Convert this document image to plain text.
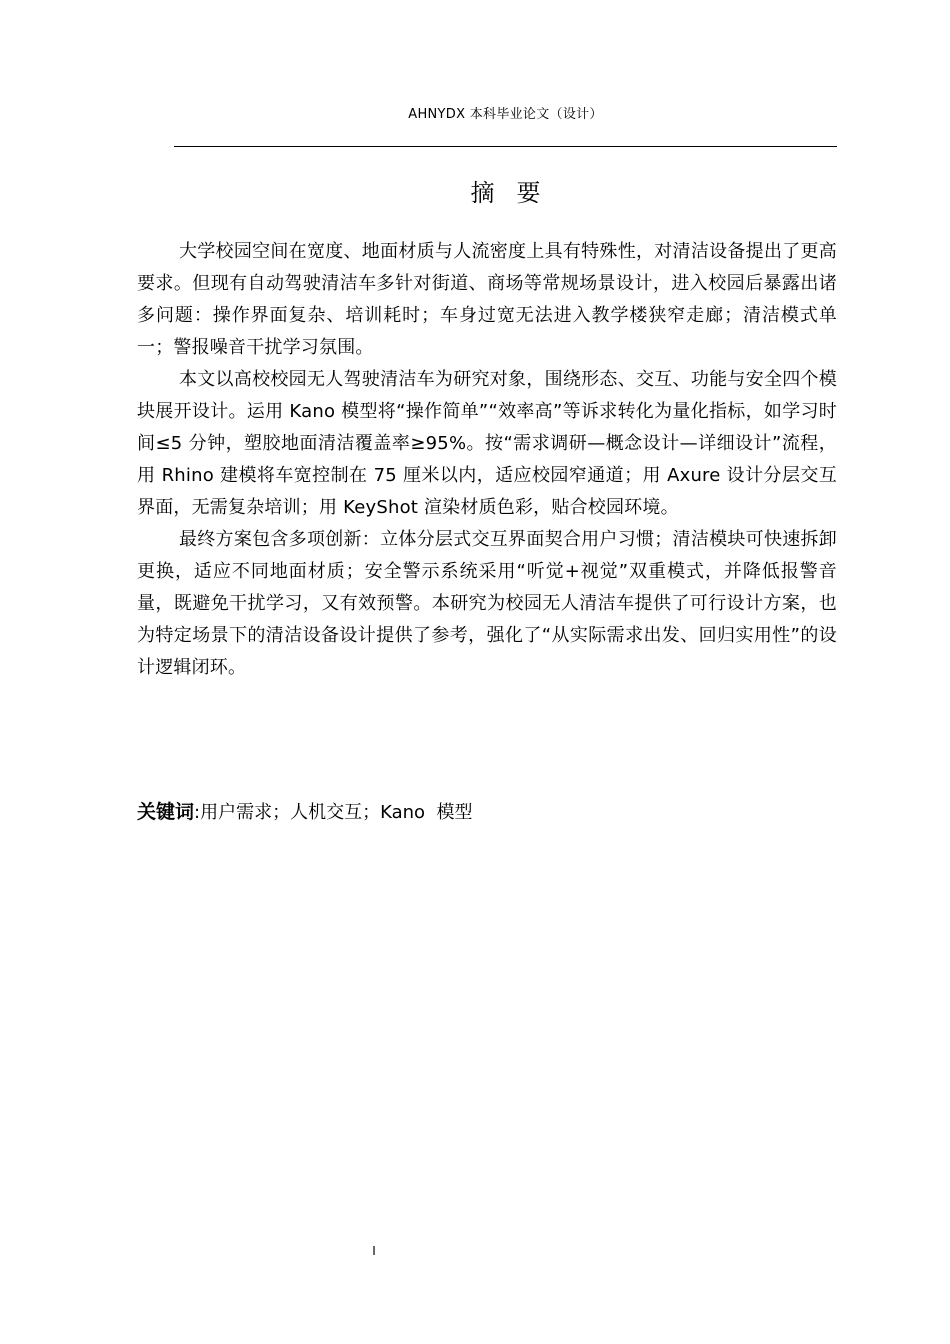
AHNYDX 本科毕业论文（设计）
摘要

大学校园空间在宽度、地面材质与人流密度上具有特殊性，对清洁设备提出了更高要求。但现有自动驾驶清洁车多针对街道、商场等常规场景设计，进入校园后暴露出诸多问题：操作界面复杂、培训耗时；车身过宽无法进入教学楼狭窄走廊；清洁模式单一；警报噪音干扰学习氛围。

本文以高校校园无人驾驶清洁车为研究对象，围绕形态、交互、功能与安全四个模块展开设计。运用 Kano 模型将“操作简单”“效率高”等诉求转化为量化指标，如学习时间≤5 分钟，塑胶地面清洁覆盖率≥95%。按“需求调研—概念设计—详细设计”流程，用 Rhino 建模将车宽控制在 75 厘米以内，适应校园窄通道；用 Axure 设计分层交互界面，无需复杂培训；用 KeyShot 渲染材质色彩，贴合校园环境。

最终方案包含多项创新：立体分层式交互界面契合用户习惯；清洁模块可快速拆卸更换，适应不同地面材质；安全警示系统采用“听觉+视觉”双重模式，并降低报警音量，既避免干扰学习，又有效预警。本研究为校园无人清洁车提供了可行设计方案，也为特定场景下的清洁设备设计提供了参考，强化了“从实际需求出发、回归实用性”的设计逻辑闭环。

关键词:用户需求；人机交互；Kano  模型
I
